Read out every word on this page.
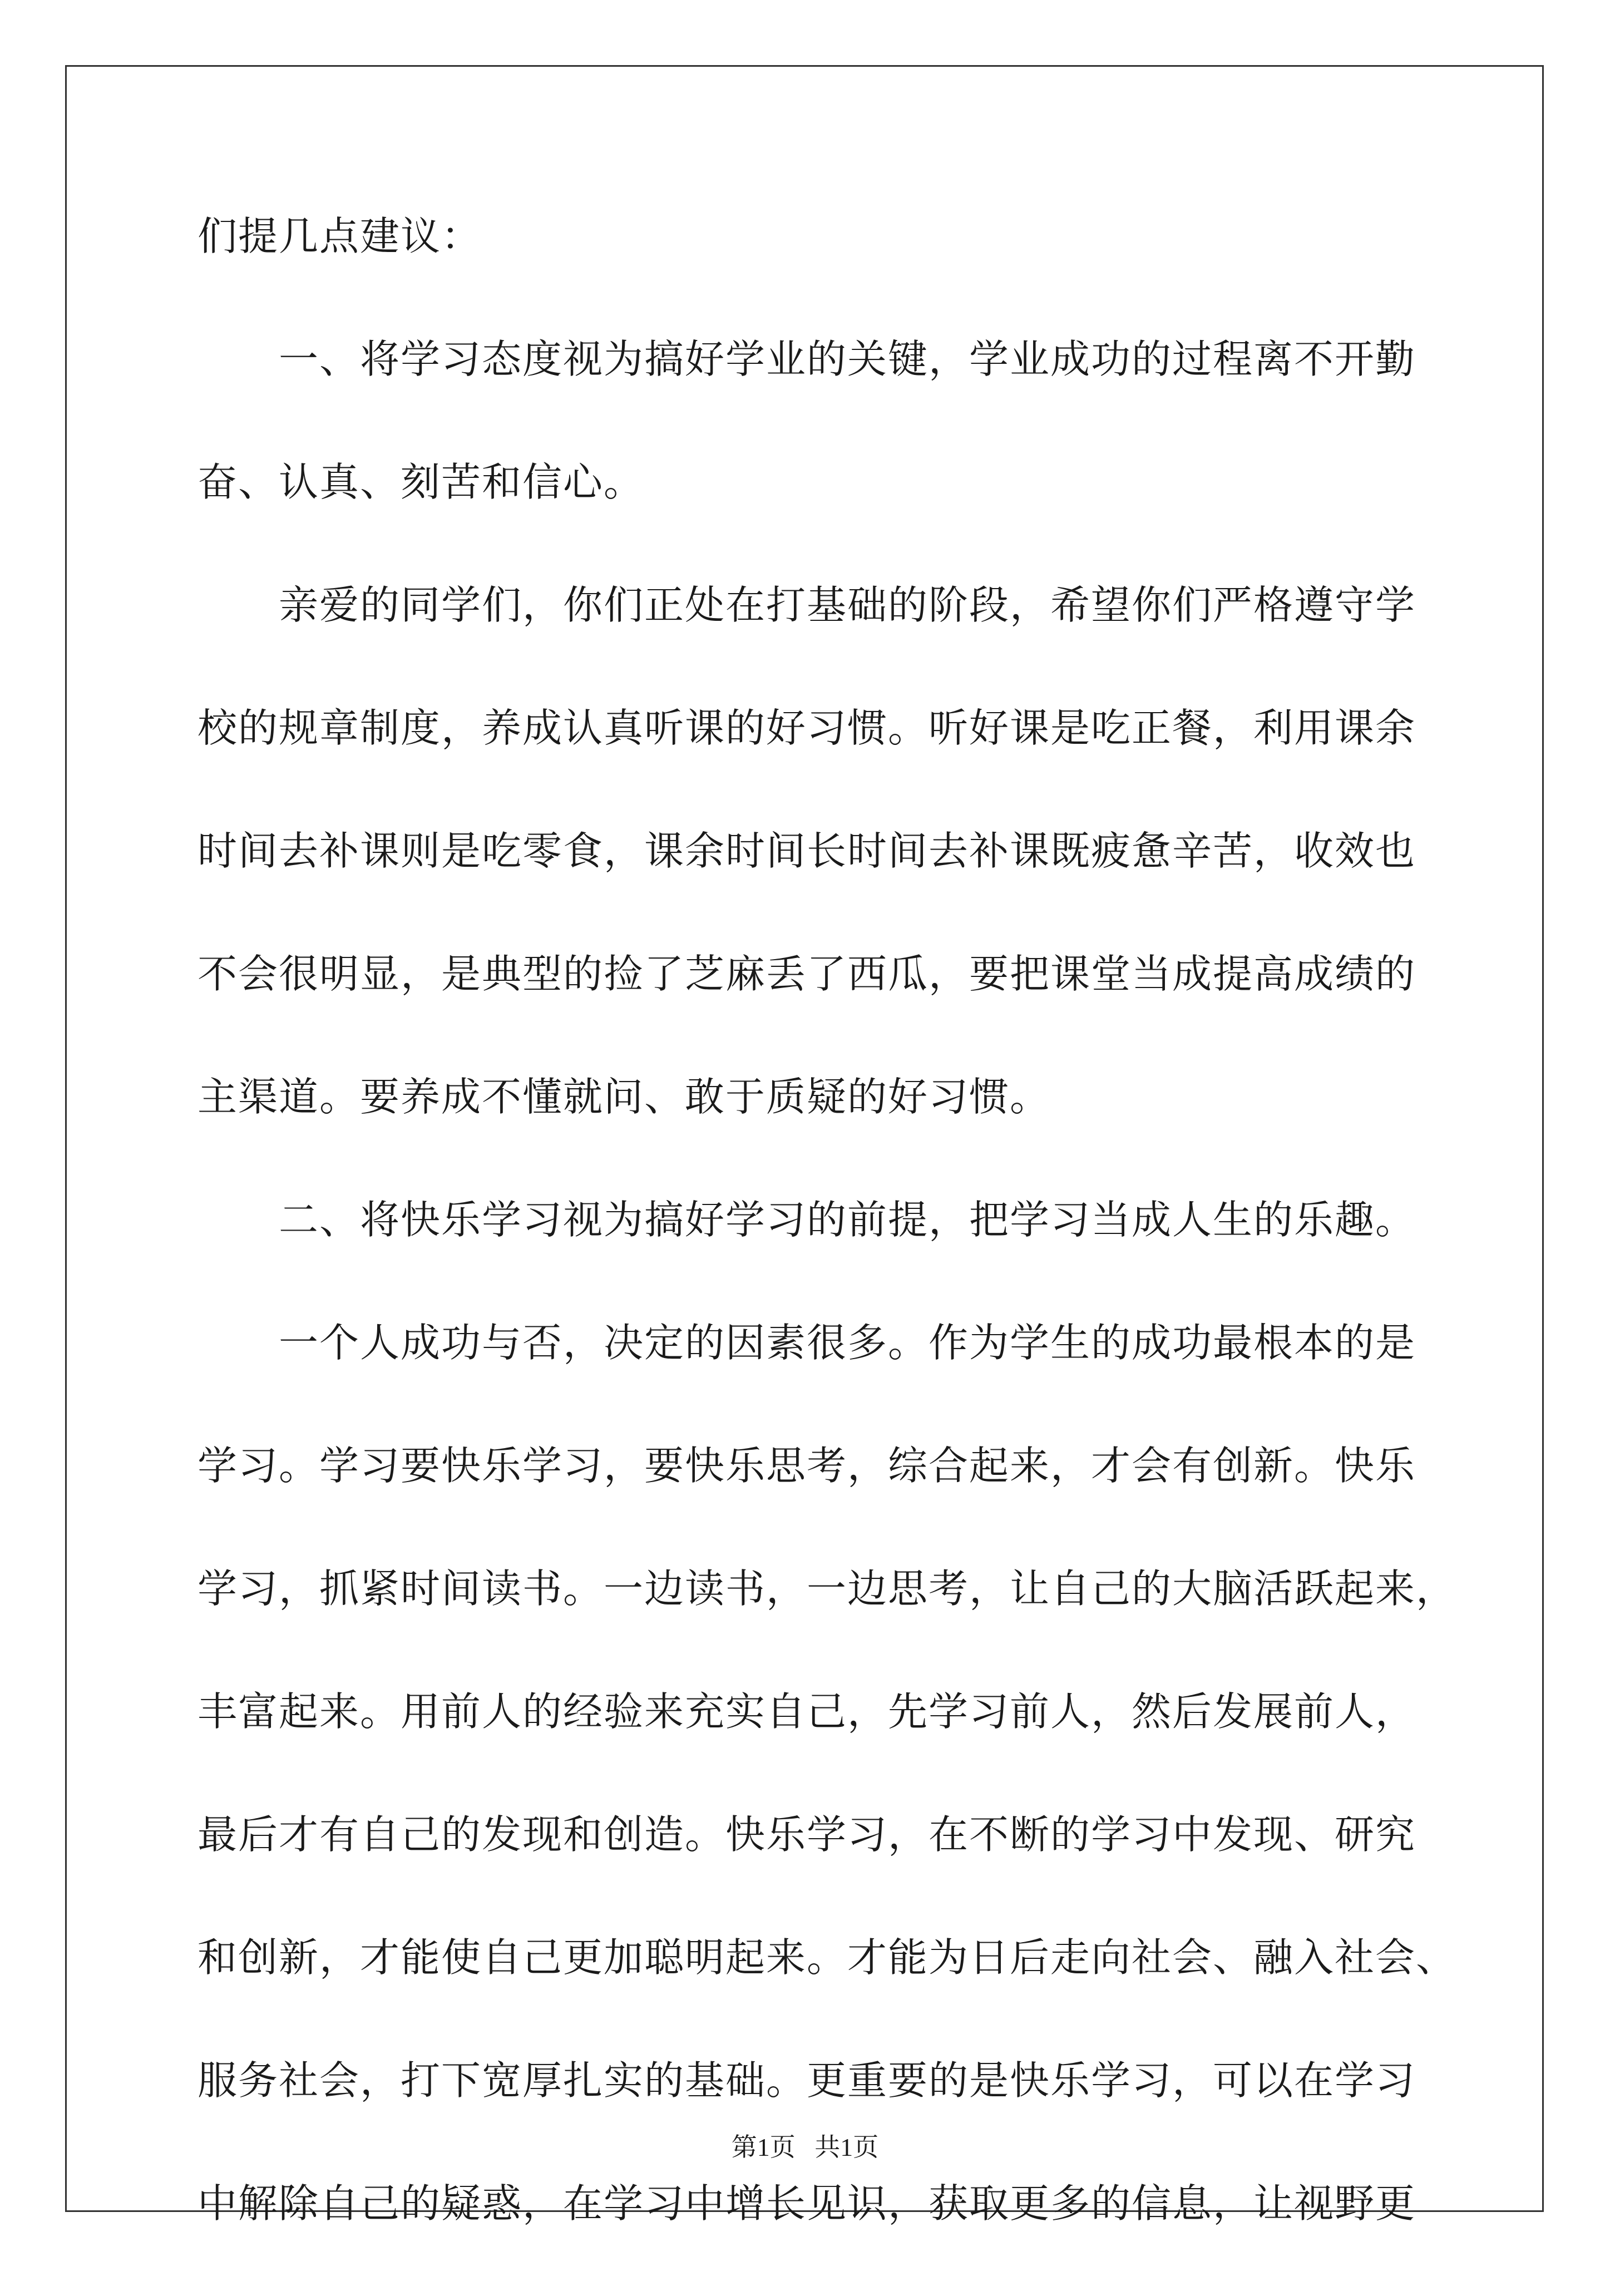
们提几点建议：
　　一、将学习态度视为搞好学业的关键，学业成功的过程离不开勤
奋、认真、刻苦和信心。
　　亲爱的同学们，你们正处在打基础的阶段，希望你们严格遵守学
校的规章制度，养成认真听课的好习惯。听好课是吃正餐，利用课余
时间去补课则是吃零食，课余时间长时间去补课既疲惫辛苦，收效也
不会很明显，是典型的捡了芝麻丢了西瓜，要把课堂当成提高成绩的
主渠道。要养成不懂就问、敢于质疑的好习惯。
　　二、将快乐学习视为搞好学习的前提，把学习当成人生的乐趣。
　　一个人成功与否，决定的因素很多。作为学生的成功最根本的是
学习。学习要快乐学习，要快乐思考，综合起来，才会有创新。快乐
学习，抓紧时间读书。一边读书，一边思考，让自己的大脑活跃起来，
丰富起来。用前人的经验来充实自己，先学习前人，然后发展前人，
最后才有自己的发现和创造。快乐学习，在不断的学习中发现、研究
和创新，才能使自己更加聪明起来。才能为日后走向社会、融入社会、
服务社会，打下宽厚扎实的基础。更重要的是快乐学习，可以在学习
中解除自己的疑惑，在学习中增长见识，获取更多的信息，让视野更
第1页 共1页
